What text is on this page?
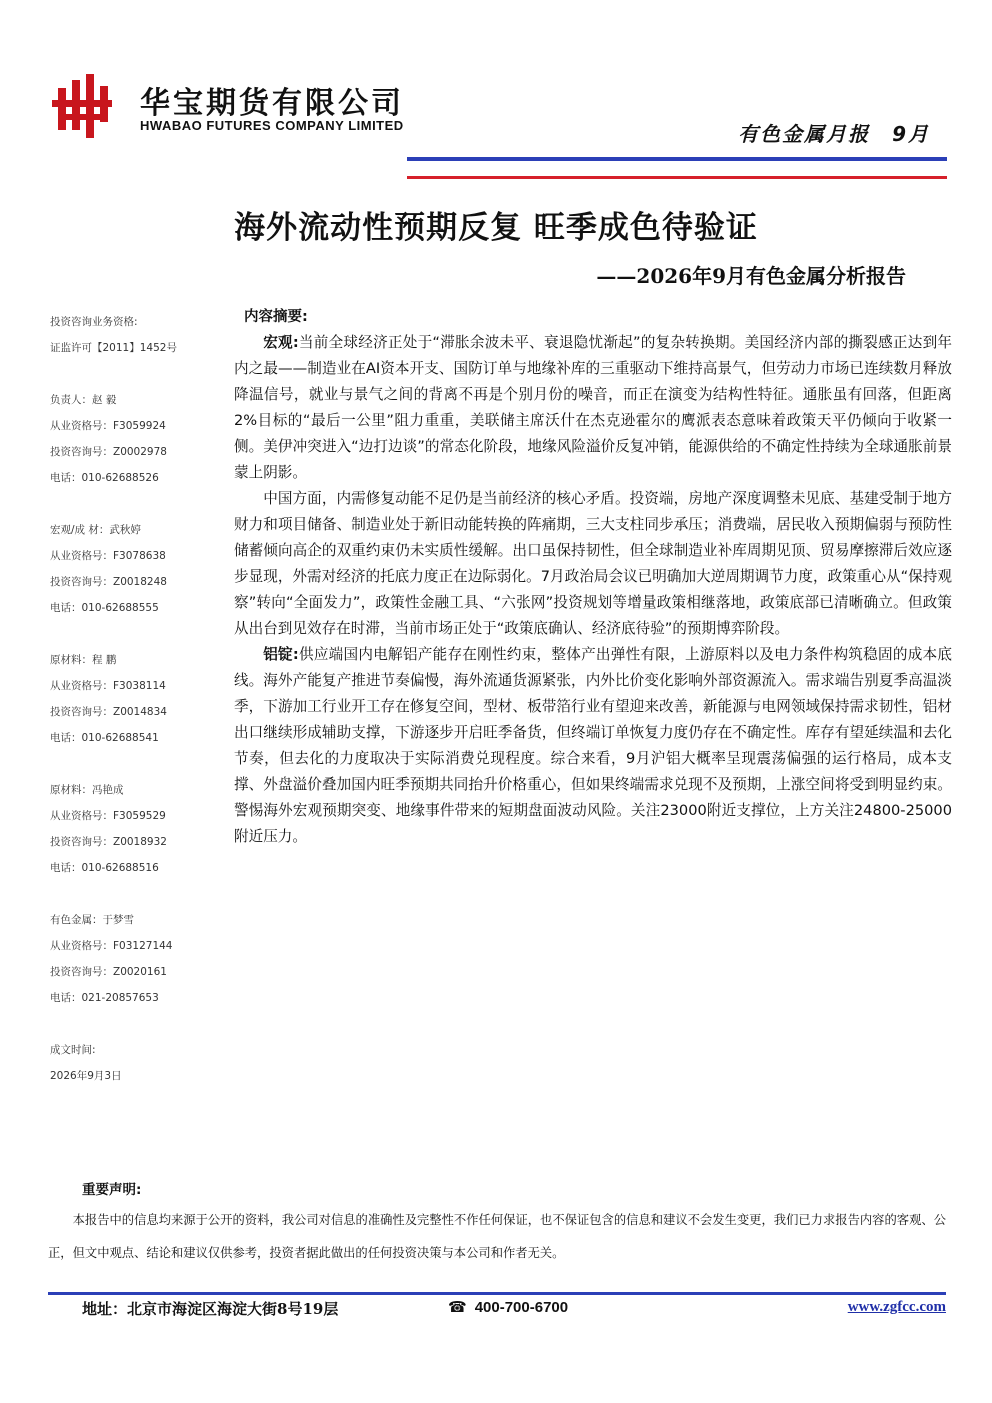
华宝期货有限公司
HWABAO FUTURES COMPANY LIMITED	有色金属月报 9月
海外流动性预期反复 旺季成色待验证
——2026年9月有色金属分析报告
投资咨询业务资格:
证监许可【2011】1452号
负责人：赵 毅
从业资格号：F3059924
投资咨询号：Z0002978
电话：010-62688526
宏观/成 材：武秋婷
从业资格号：F3078638
投资咨询号：Z0018248
电话：010-62688555
原材料：程 鹏
从业资格号：F3038114
投资咨询号：Z0014834
电话：010-62688541
原材料：冯艳成
从业资格号：F3059529
投资咨询号：Z0018932
电话：010-62688516
有色金属：于梦雪
从业资格号：F03127144
投资咨询号：Z0020161
电话：021-20857653
成文时间:
2026年9月3日
内容摘要:

宏观:当前全球经济正处于“滞胀余波未平、衰退隐忧渐起”的复杂转换期。美国经济内部的撕裂感正达到年内之最——制造业在AI资本开支、国防订单与地缘补库的三重驱动下维持高景气，但劳动力市场已连续数月释放降温信号，就业与景气之间的背离不再是个别月份的噪音，而正在演变为结构性特征。通胀虽有回落，但距离2%目标的“最后一公里”阻力重重，美联储主席沃什在杰克逊霍尔的鹰派表态意味着政策天平仍倾向于收紧一侧。美伊冲突进入“边打边谈”的常态化阶段，地缘风险溢价反复冲销，能源供给的不确定性持续为全球通胀前景蒙上阴影。

中国方面，内需修复动能不足仍是当前经济的核心矛盾。投资端，房地产深度调整未见底、基建受制于地方财力和项目储备、制造业处于新旧动能转换的阵痛期，三大支柱同步承压；消费端，居民收入预期偏弱与预防性储蓄倾向高企的双重约束仍未实质性缓解。出口虽保持韧性，但全球制造业补库周期见顶、贸易摩擦滞后效应逐步显现，外需对经济的托底力度正在边际弱化。7月政治局会议已明确加大逆周期调节力度，政策重心从“保持观察”转向“全面发力”，政策性金融工具、“六张网”投资规划等增量政策相继落地，政策底部已清晰确立。但政策从出台到见效存在时滞，当前市场正处于“政策底确认、经济底待验”的预期博弈阶段。

铝锭:供应端国内电解铝产能存在刚性约束，整体产出弹性有限，上游原料以及电力条件构筑稳固的成本底线。海外产能复产推进节奏偏慢，海外流通货源紧张，内外比价变化影响外部资源流入。需求端告别夏季高温淡季，下游加工行业开工存在修复空间，型材、板带箔行业有望迎来改善，新能源与电网领域保持需求韧性，铝材出口继续形成辅助支撑，下游逐步开启旺季备货，但终端订单恢复力度仍存在不确定性。库存有望延续温和去化节奏，但去化的力度取决于实际消费兑现程度。综合来看，9月沪铝大概率呈现震荡偏强的运行格局，成本支撑、外盘溢价叠加国内旺季预期共同抬升价格重心，但如果终端需求兑现不及预期，上涨空间将受到明显约束。警惕海外宏观预期突变、地缘事件带来的短期盘面波动风险。关注23000附近支撑位，上方关注24800-25000附近压力。

重要声明:
本报告中的信息均来源于公开的资料，我公司对信息的准确性及完整性不作任何保证，也不保证包含的信息和建议不会发生变更，我们已力求报告内容的客观、公正，但文中观点、结论和建议仅供参考，投资者据此做出的任何投资决策与本公司和作者无关。
地址：北京市海淀区海淀大街8号19层	☎ 400-700-6700	www.zgfcc.com
